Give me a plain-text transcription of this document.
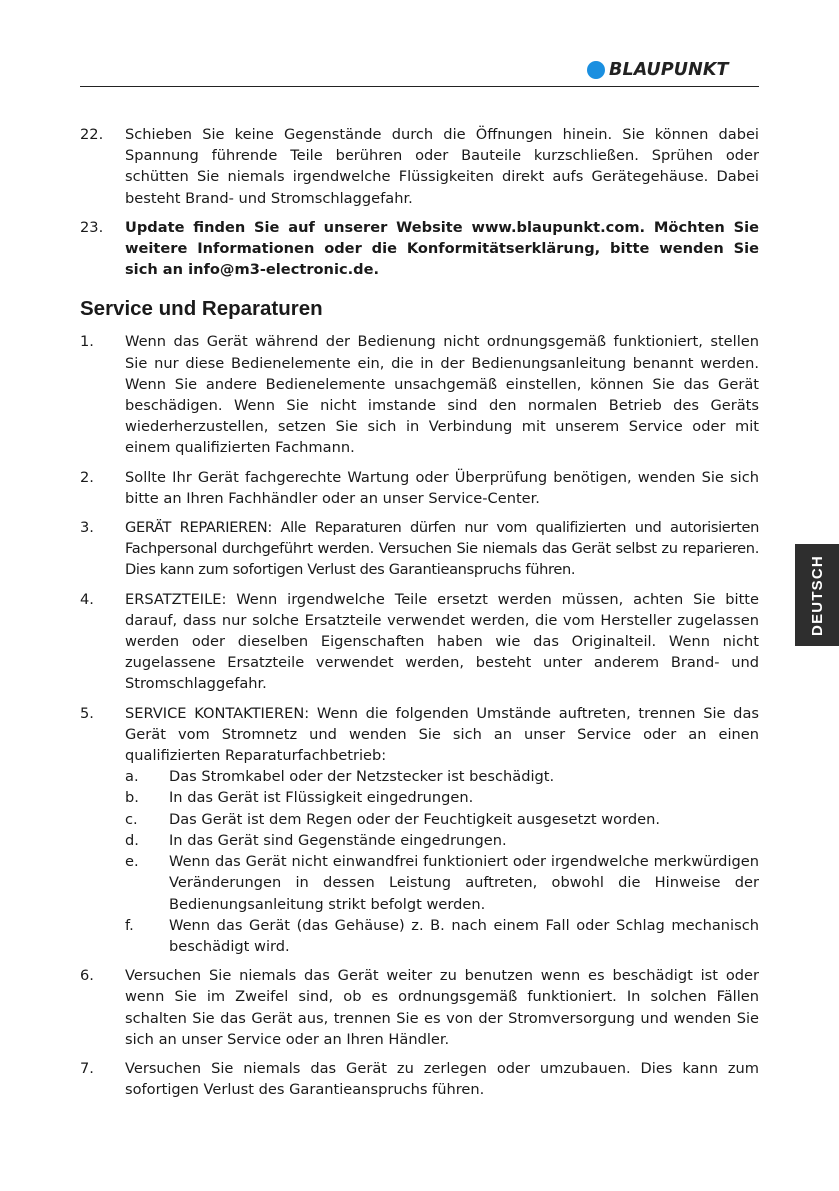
BLAUPUNKT
22.	Schieben Sie keine Gegenstände durch die Öffnungen hinein. Sie können dabei Spannung führende Teile berühren oder Bauteile kurzschließen. Sprühen oder schütten Sie niemals irgendwelche Flüssigkeiten direkt aufs Gerätegehäuse. Dabei besteht Brand- und Stromschlaggefahr.
23.	Update finden Sie auf unserer Website www.blaupunkt.com. Möchten Sie weitere Informationen oder die Konformitätserklärung, bitte wenden Sie sich an info@m3-electronic.de.
Service und Reparaturen
1.	Wenn das Gerät während der Bedienung nicht ordnungsgemäß funktioniert, stellen Sie nur diese Bedienelemente ein, die in der Bedienungsanleitung benannt werden. Wenn Sie andere Bedienelemente unsachgemäß einstellen, können Sie das Gerät beschädigen. Wenn Sie nicht imstande sind den normalen Betrieb des Geräts wiederherzustellen, setzen Sie sich in Verbindung mit unserem Service oder mit einem qualifizierten Fachmann.
2.	Sollte Ihr Gerät fachgerechte Wartung oder Überprüfung benötigen, wenden Sie sich bitte an Ihren Fachhändler oder an unser Service-Center.
3.	GERÄT REPARIEREN: Alle Reparaturen dürfen nur vom qualifizierten und autorisierten Fachpersonal durchgeführt werden. Versuchen Sie niemals das Gerät selbst zu reparieren. Dies kann zum sofortigen Verlust des Garantieanspruchs führen.
4.	ERSATZTEILE: Wenn irgendwelche Teile ersetzt werden müssen, achten Sie bitte darauf, dass nur solche Ersatzteile verwendet werden, die vom Hersteller zugelassen werden oder dieselben Eigenschaften haben wie das Originalteil. Wenn nicht zugelassene Ersatzteile verwendet werden, besteht unter anderem Brand- und Stromschlaggefahr.
5.	SERVICE KONTAKTIEREN: Wenn die folgenden Umstände auftreten, trennen Sie das Gerät vom Stromnetz und wenden Sie sich an unser Service oder an einen qualifizierten Reparaturfachbetrieb:
a.	Das Stromkabel oder der Netzstecker ist beschädigt.
b.	In das Gerät ist Flüssigkeit eingedrungen.
c.	Das Gerät ist dem Regen oder der Feuchtigkeit ausgesetzt worden.
d.	In das Gerät sind Gegenstände eingedrungen.
e.	Wenn das Gerät nicht einwandfrei funktioniert oder irgendwelche merkwürdigen Veränderungen in dessen Leistung auftreten, obwohl die Hinweise der Bedienungsanleitung strikt befolgt werden.
f.	Wenn das Gerät (das Gehäuse) z. B. nach einem Fall oder Schlag mechanisch beschädigt wird.
6.	Versuchen Sie niemals das Gerät weiter zu benutzen wenn es beschädigt ist oder wenn Sie im Zweifel sind, ob es ordnungsgemäß funktioniert. In solchen Fällen schalten Sie das Gerät aus, trennen Sie es von der Stromversorgung und wenden Sie sich an unser Service oder an Ihren Händler.
7.	Versuchen Sie niemals das Gerät zu zerlegen oder umzubauen. Dies kann zum sofortigen Verlust des Garantieanspruchs führen.
DEUTSCH
